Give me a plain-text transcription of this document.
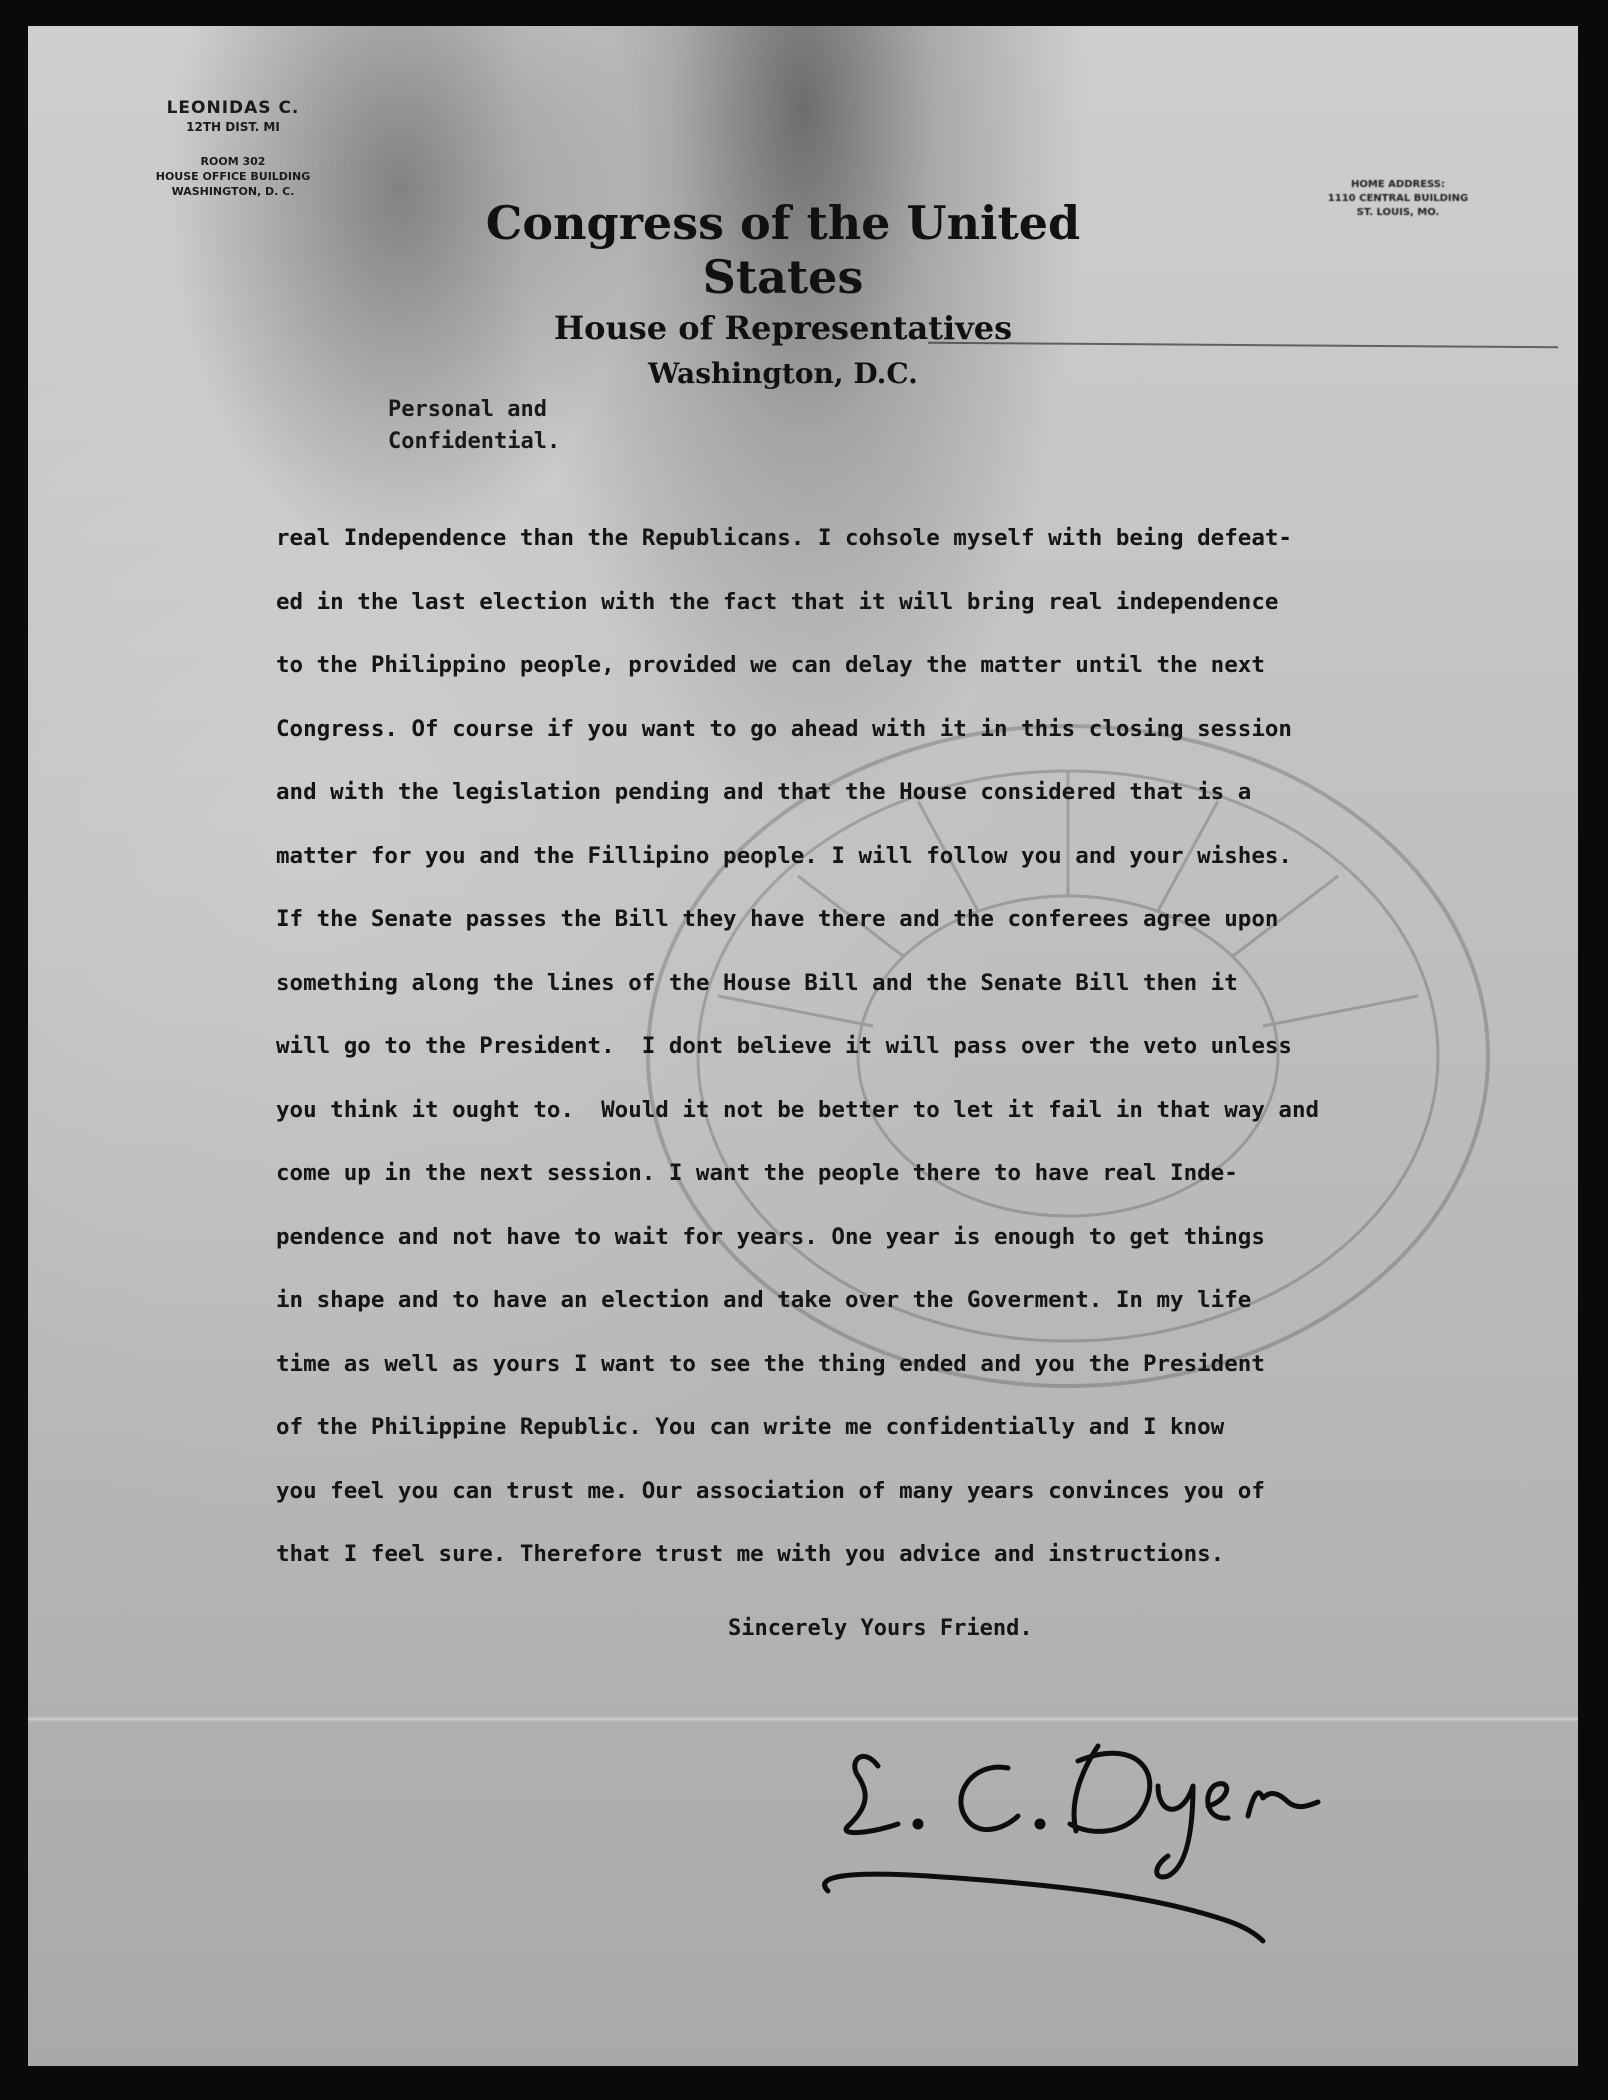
LEONIDAS C.
12TH DIST. MI
ROOM 302
HOUSE OFFICE BUILDING
WASHINGTON, D. C.
Congress of the United States
House of Representatives
Washington, D.C.
HOME ADDRESS:
1110 CENTRAL BUILDING
ST. LOUIS, MO.
Personal and
Confidential.
real Independence than the Republicans. I cohsole myself with being defeat-
ed in the last election with the fact that it will bring real independence
to the Philippino people, provided we can delay the matter until the next
Congress. Of course if you want to go ahead with it in this closing session
and with the legislation pending and that the House considered that is a
matter for you and the Fillipino people. I will follow you and your wishes.
If the Senate passes the Bill they have there and the conferees agree upon
something along the lines of the House Bill and the Senate Bill then it
will go to the President.  I dont believe it will pass over the veto unless
you think it ought to.  Would it not be better to let it fail in that way and
come up in the next session. I want the people there to have real Inde-
pendence and not have to wait for years. One year is enough to get things
in shape and to have an election and take over the Goverment. In my life
time as well as yours I want to see the thing ended and you the President
of the Philippine Republic. You can write me confidentially and I know
you feel you can trust me. Our association of many years convinces you of
that I feel sure. Therefore trust me with you advice and instructions.
Sincerely Yours Friend.
